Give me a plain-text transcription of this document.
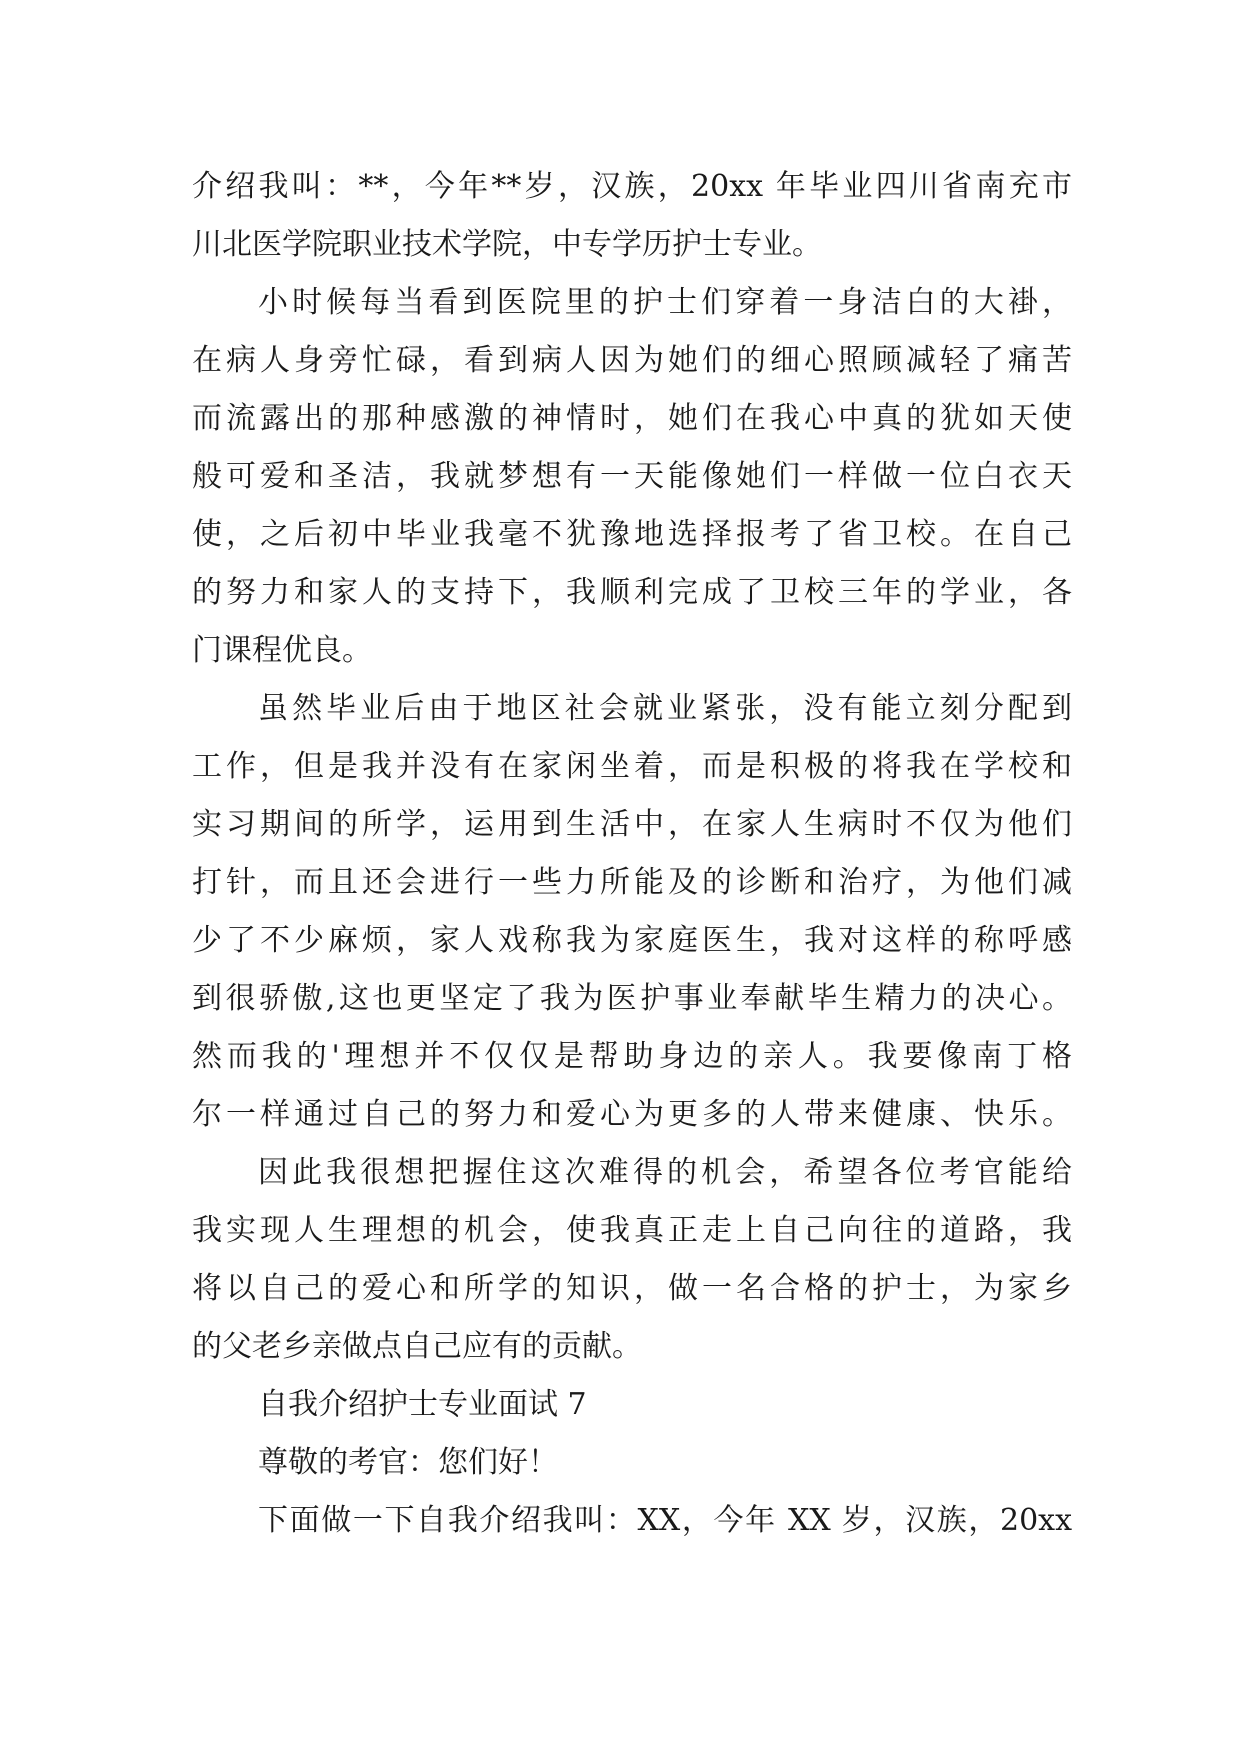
介绍我叫：**，今年**岁，汉族，20xx 年毕业四川省南充市
川北医学院职业技术学院，中专学历护士专业。
小时候每当看到医院里的护士们穿着一身洁白的大褂，
在病人身旁忙碌，看到病人因为她们的细心照顾减轻了痛苦
而流露出的那种感激的神情时，她们在我心中真的犹如天使
般可爱和圣洁，我就梦想有一天能像她们一样做一位白衣天
使，之后初中毕业我毫不犹豫地选择报考了省卫校。在自己
的努力和家人的支持下，我顺利完成了卫校三年的学业，各
门课程优良。
虽然毕业后由于地区社会就业紧张，没有能立刻分配到
工作，但是我并没有在家闲坐着，而是积极的将我在学校和
实习期间的所学，运用到生活中，在家人生病时不仅为他们
打针，而且还会进行一些力所能及的诊断和治疗，为他们减
少了不少麻烦，家人戏称我为家庭医生，我对这样的称呼感
到很骄傲,这也更坚定了我为医护事业奉献毕生精力的决心。
然而我的'理想并不仅仅是帮助身边的亲人。我要像南丁格
尔一样通过自己的努力和爱心为更多的人带来健康、快乐。
因此我很想把握住这次难得的机会，希望各位考官能给
我实现人生理想的机会，使我真正走上自己向往的道路，我
将以自己的爱心和所学的知识，做一名合格的护士，为家乡
的父老乡亲做点自己应有的贡献。
自我介绍护士专业面试 7
尊敬的考官：您们好！
下面做一下自我介绍我叫：XX，今年 XX 岁，汉族，20xx
